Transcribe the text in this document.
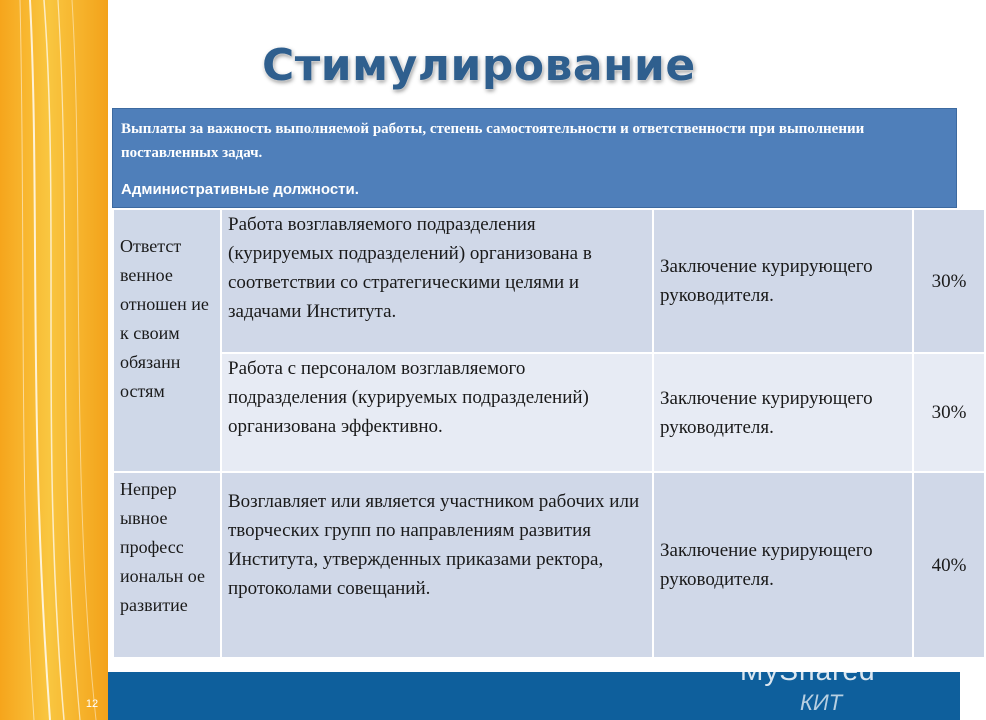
12
Стимулирование
Выплаты за важность выполняемой работы, степень самостоятельности и ответственности при выполнении поставленных задач.
Административные должности.
Ответст венное отношен ие к своим обязанн остям	Работа возглавляемого подразделения (курируемых подразделений) организована в соответствии со стратегическими целями и задачами Института.	Заключение курирующего руководителя.	30%

	Работа с персоналом возглавляемого подразделения (курируемых подразделений) организована эффективно.	Заключение курирующего руководителя.	30%

Непрер ывное професс иональн ое развитие	Возглавляет или является участником рабочих или творческих групп по направлениям развития Института, утвержденных приказами ректора, протоколами совещаний.	Заключение курирующего руководителя.	40%
MyShared
КИТ
